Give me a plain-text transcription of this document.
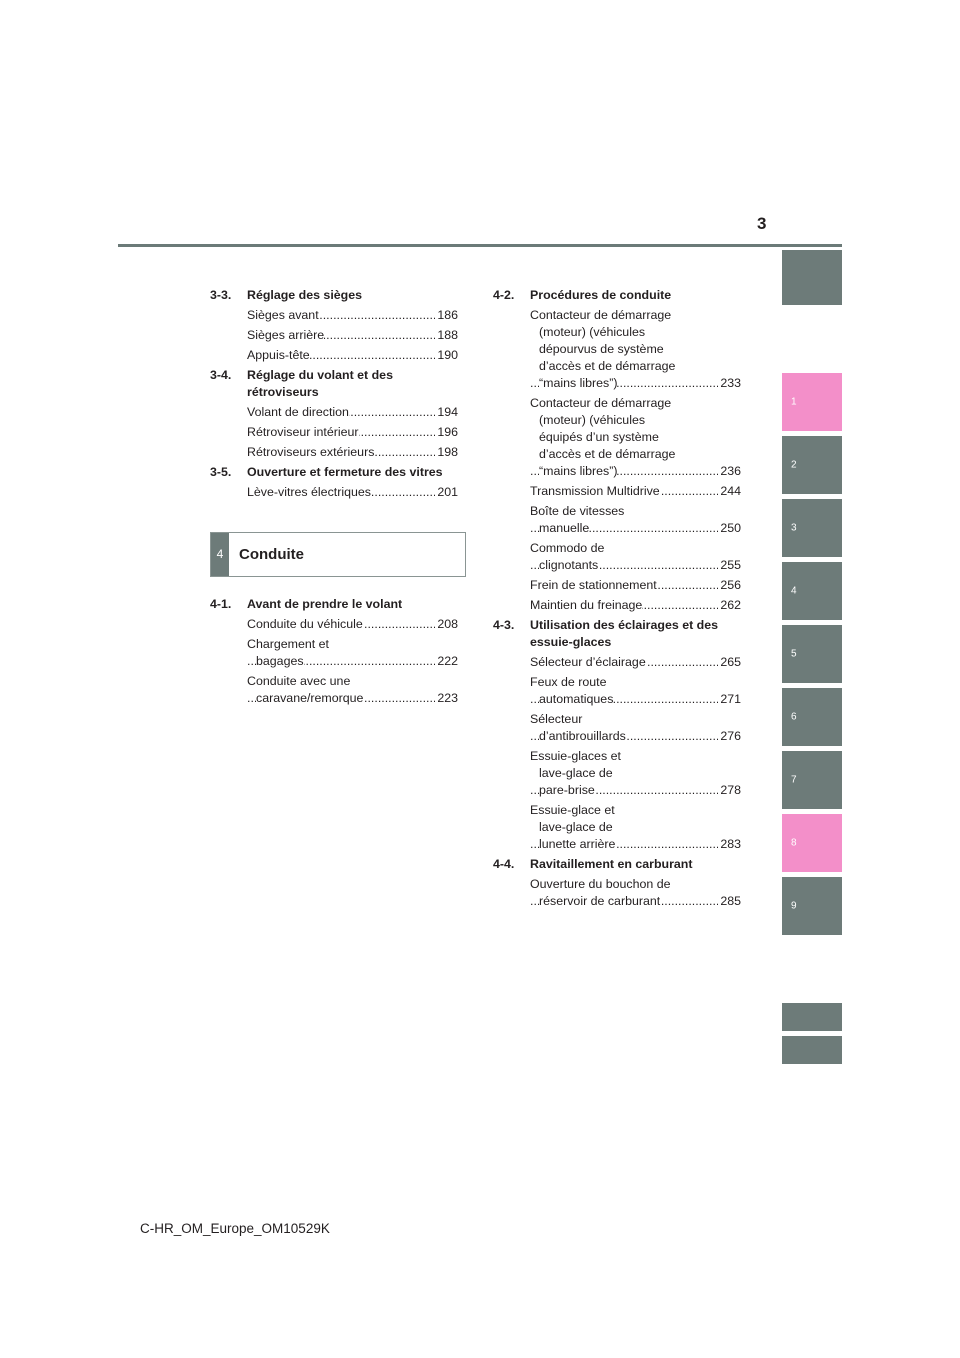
3
1
2
3
4
5
6
7
8
9
3-3.	Réglage des sièges
.....
Sièges avant	186
.....
Sièges arrière	188
.....
Appuis-tête	190
3-4.	Réglage du volant et des rétroviseurs
.....
Volant de direction	194
.....
Rétroviseur intérieur	196
.....
Rétroviseurs extérieurs	198
3-5.	Ouverture et fermeture des vitres
.....
Lève-vitres électriques	201
4	Conduite
4-1.	Avant de prendre le volant
.....
Conduite du véhicule	208
.....
Chargement et
bagages	222
.....
Conduite avec une
caravane/remorque	223
4-2.	Procédures de conduite
.....
Contacteur de démarrage
(moteur) (véhicules
dépourvus de système
d’accès et de démarrage
“mains libres”)	233
.....
Contacteur de démarrage
(moteur) (véhicules
équipés d’un système
d’accès et de démarrage
“mains libres”)	236
.....
Transmission Multidrive	244
.....
Boîte de vitesses
manuelle	250
.....
Commodo de
clignotants	255
.....
Frein de stationnement	256
.....
Maintien du freinage	262
4-3.	Utilisation des éclairages et des essuie-glaces
.....
Sélecteur d’éclairage	265
.....
Feux de route
automatiques	271
.....
Sélecteur
d’antibrouillards	276
.....
Essuie-glaces et
lave-glace de
pare-brise	278
.....
Essuie-glace et
lave-glace de
lunette arrière	283
4-4.	Ravitaillement en carburant
.....
Ouverture du bouchon de
réservoir de carburant	285
C-HR_OM_Europe_OM10529K
